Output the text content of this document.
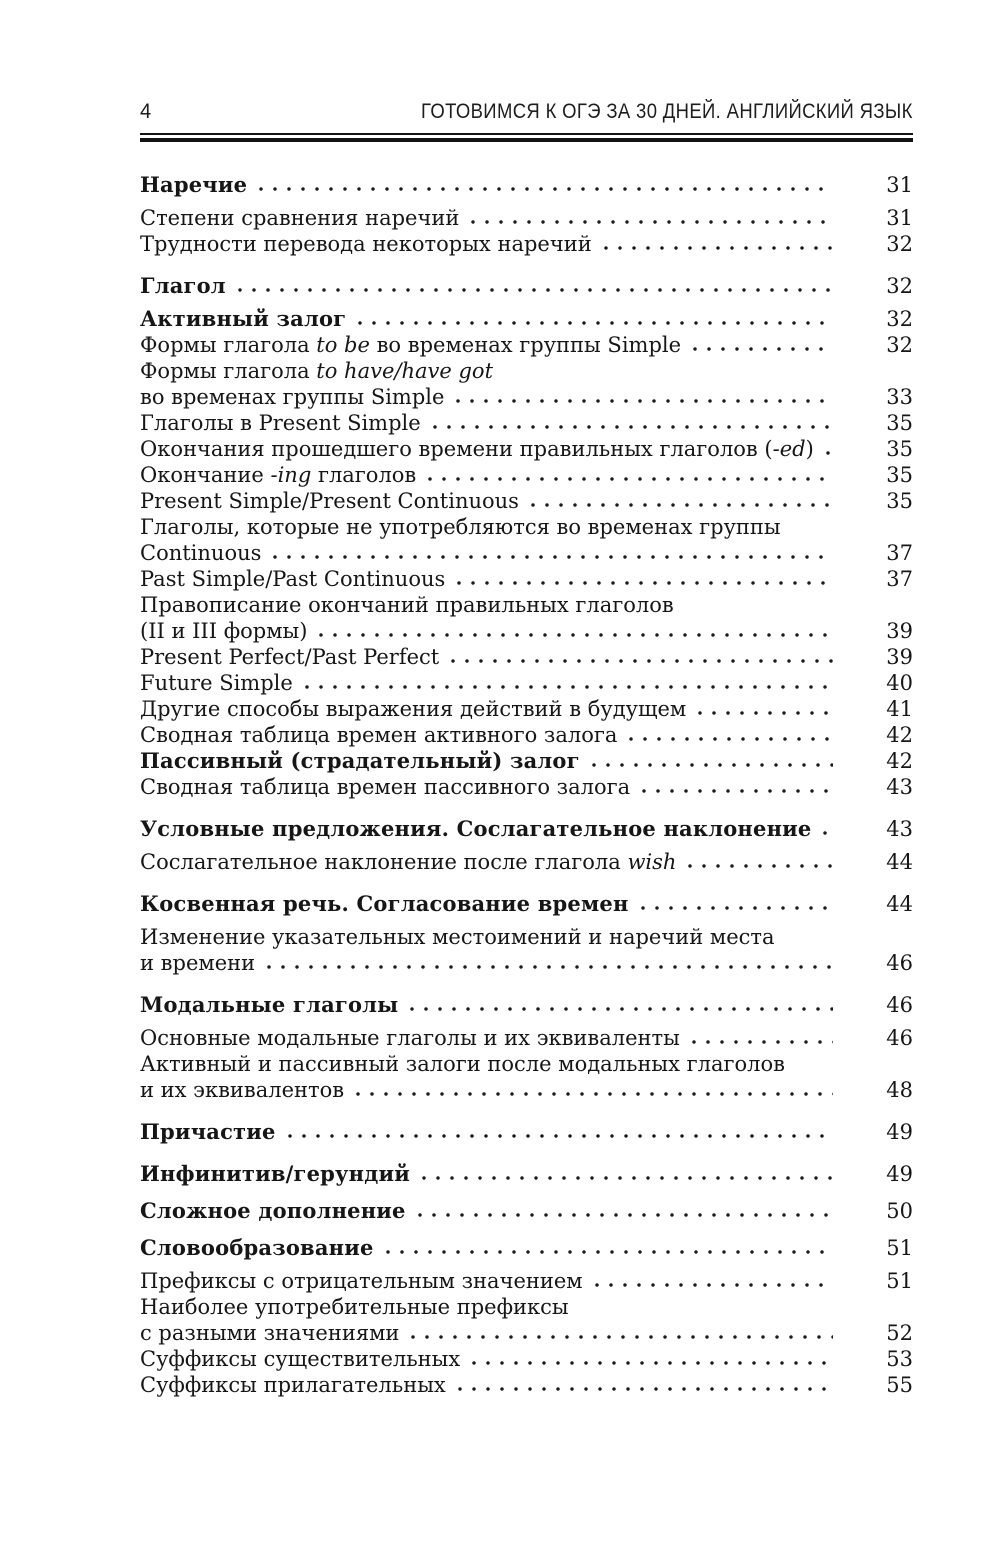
4	ГОТОВИМСЯ К ОГЭ ЗА 30 ДНЕЙ. АНГЛИЙСКИЙ ЯЗЫК
Наречие	31
Степени сравнения наречий	31
Трудности перевода некоторых наречий	32
Глагол	32
Активный залог	32
Формы глагола to be во временах группы Simple	32
Формы глагола to have/have got
во временах группы Simple	33
Глаголы в Present Simple	35
Окончания прошедшего времени правильных глаголов (-ed)	35
Окончание -ing глаголов	35
Present Simple/Present Continuous	35
Глаголы, которые не употребляются во временах группы
Continuous	37
Past Simple/Past Continuous	37
Правописание окончаний правильных глаголов
(II и III формы)	39
Present Perfect/Past Perfect	39
Future Simple	40
Другие способы выражения действий в будущем	41
Сводная таблица времен активного залога	42
Пассивный (страдательный) залог	42
Сводная таблица времен пассивного залога	43
Условные предложения. Сослагательное наклонение	43
Сослагательное наклонение после глагола wish	44
Косвенная речь. Согласование времен	44
Изменение указательных местоимений и наречий места
и времени	46
Модальные глаголы	46
Основные модальные глаголы и их эквиваленты	46
Активный и пассивный залоги после модальных глаголов
и их эквивалентов	48
Причастие	49
Инфинитив/герундий	49
Сложное дополнение	50
Словообразование	51
Префиксы с отрицательным значением	51
Наиболее употребительные префиксы
с разными значениями	52
Суффиксы существительных	53
Суффиксы прилагательных	55
